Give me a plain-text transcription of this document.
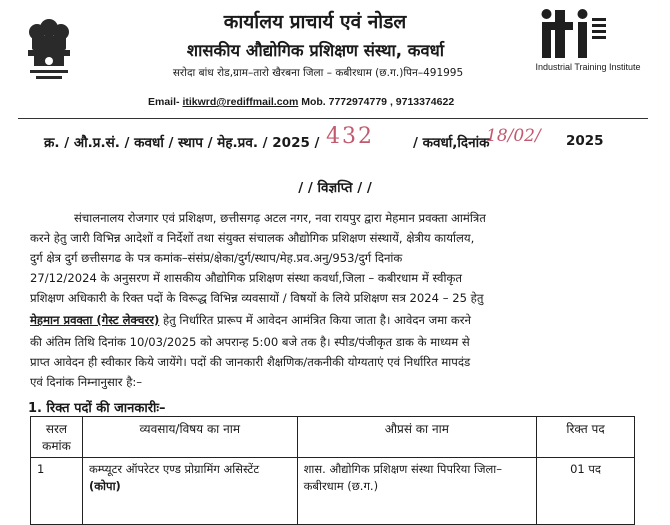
Industrial Training Institute
कार्यालय प्राचार्य एवं नोडल
शासकीय औद्योगिक प्रशिक्षण संस्था, कवर्धा
सरोदा बांध रोड,ग्राम–तारो खैरबना जिला – कबीरधाम (छ.ग.)पिन–491995
Email- itikwrd@rediffmail.com Mob. 7772974779 , 9713374622
क्र. / औ.प्र.सं. / कवर्धा / स्थाप / मेह.प्रव. / 2025 / 432	/ कवर्धा,दिनांक
18/02/ 2025
/ / विज्ञप्ति / /
संचालनालय रोजगार एवं प्रशिक्षण, छत्तीसगढ़ अटल नगर, नवा रायपुर द्वारा मेहमान प्रवक्ता आमंत्रित
करने हेतु जारी विभिन्न आदेशों व निर्देशों तथा संयुक्त संचालक औद्योगिक प्रशिक्षण संस्थायें, क्षेत्रीय कार्यालय,
दुर्ग क्षेत्र दुर्ग छत्तीसगढ के पत्र कमांक–संसंप्र/क्षेका/दुर्ग/स्थाप/मेह.प्रव.अनु/953/दुर्ग दिनांक
27/12/2024 के अनुसरण में शासकीय औद्योगिक प्रशिक्षण संस्था कवर्धा,जिला – कबीरधाम में स्वीकृत
प्रशिक्षण अधिकारी के रिक्त पदों के विरूद्ध विभिन्न व्यवसायों / विषयों के लिये प्रशिक्षण सत्र 2024 – 25 हेतु
मेहमान प्रवक्ता (गेस्ट लेक्चरर) हेतु निर्धारित प्रारूप में आवेदन आमंत्रित किया जाता है। आवेदन जमा करने
की अंतिम तिथि दिनांक 10/03/2025 को अपरान्ह 5:00 बजे तक है। स्पीड/पंजीकृत डाक के माध्यम से
प्राप्त आवेदन ही स्वीकार किये जायेंगे। पदों की जानकारी शैक्षणिक/तकनीकी योग्यताएं एवं निर्धारित मापदंड
एवं दिनांक निम्नानुसार है:–
1. रिक्त पदों की जानकारीः–
सरल कमांक	व्यवसाय/विषय का नाम	औप्रसं का नाम	रिक्त पद
1	कम्प्यूटर ऑपरेटर एण्ड प्रोग्रामिंग असिस्टेंट (कोपा)	शास. औद्योगिक प्रशिक्षण संस्था पिपरिया जिला–कबीरधाम (छ.ग.)	01 पद
